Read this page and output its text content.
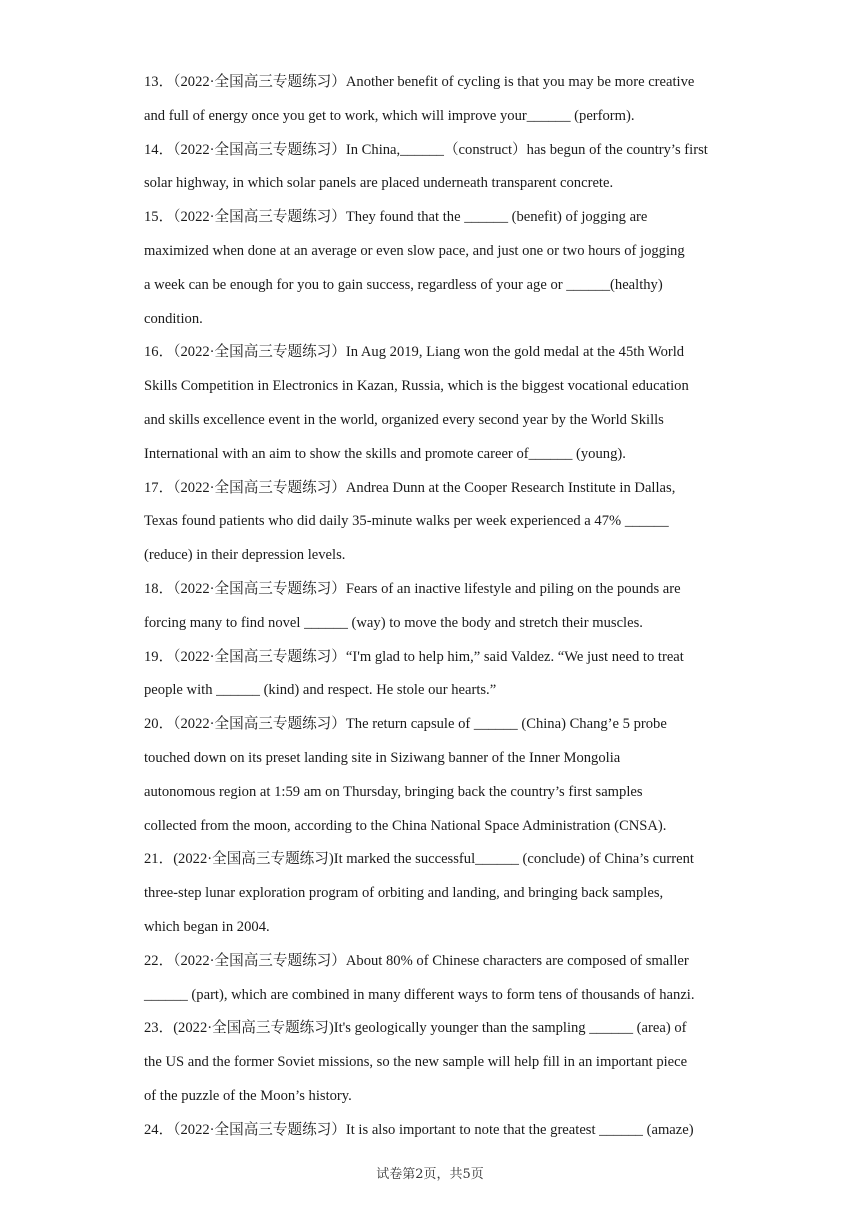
13．（2022·全国高三专题练习）Another benefit of cycling is that you may be more creative
and full of energy once you get to work, which will improve your______ (perform).

14．（2022·全国高三专题练习）In China,______（construct）has begun of the country’s first
solar highway, in which solar panels are placed underneath transparent concrete.

15．（2022·全国高三专题练习）They found that the ______ (benefit) of jogging are
maximized when done at an average or even slow pace, and just one or two hours of jogging
a week can be enough for you to gain success, regardless of your age or ______(healthy)
condition.

16．（2022·全国高三专题练习）In Aug 2019, Liang won the gold medal at the 45th World
Skills Competition in Electronics in Kazan, Russia, which is the biggest vocational education
and skills excellence event in the world, organized every second year by the World Skills
International with an aim to show the skills and promote career of______ (young).

17．（2022·全国高三专题练习）Andrea Dunn at the Cooper Research Institute in Dallas,
Texas found patients who did daily 35-minute walks per week experienced a 47% ______
(reduce) in their depression levels.

18．（2022·全国高三专题练习）Fears of an inactive lifestyle and piling on the pounds are
forcing many to find novel ______ (way) to move the body and stretch their muscles.

19．（2022·全国高三专题练习）“I'm glad to help him,” said Valdez. “We just need to treat
people with ______ (kind) and respect. He stole our hearts.”

20．（2022·全国高三专题练习）The return capsule of ______ (China) Chang’e 5 probe
touched down on its preset landing site in Siziwang banner of the Inner Mongolia
autonomous region at 1:59 am on Thursday, bringing back the country’s first samples
collected from the moon, according to the China National Space Administration (CNSA).

21．(2022·全国高三专题练习)It marked the successful______ (conclude) of China’s current
three-step lunar exploration program of orbiting and landing, and bringing back samples,
which began in 2004.

22．（2022·全国高三专题练习）About 80% of Chinese characters are composed of smaller
______ (part), which are combined in many different ways to form tens of thousands of hanzi.

23．(2022·全国高三专题练习)It's geologically younger than the sampling ______ (area) of
the US and the former Soviet missions, so the new sample will help fill in an important piece
of the puzzle of the Moon’s history.

24．（2022·全国高三专题练习）It is also important to note that the greatest ______ (amaze)

试卷第2页，共5页
